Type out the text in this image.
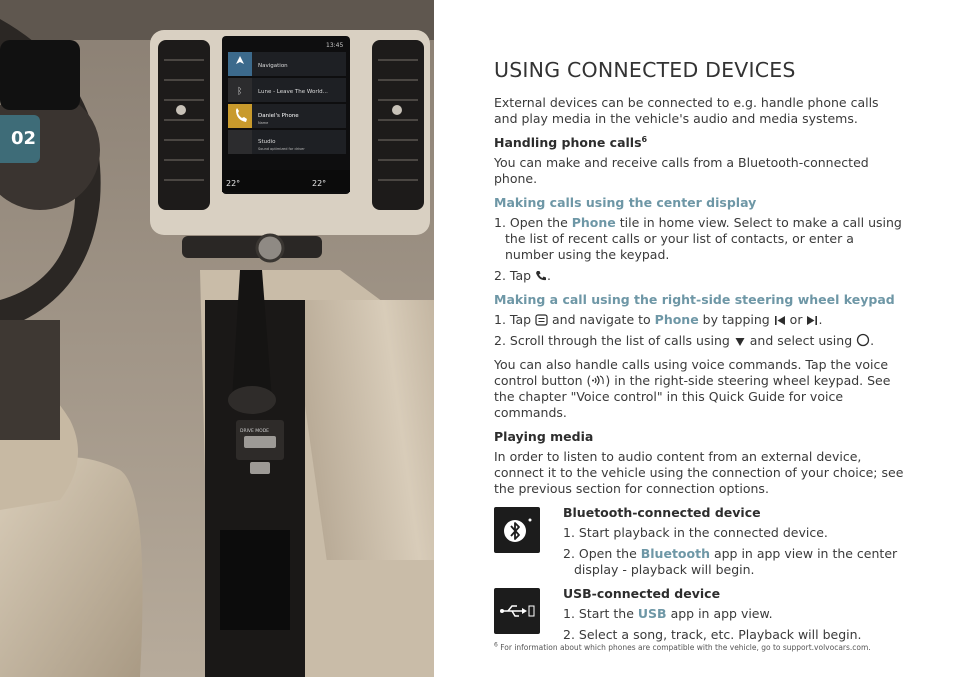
13:45
Navigation
ᛒ	Lune - Leave The World...
Daniel's Phone
Name
Studio
Sound optimized for driver
22°	22°
DRIVE MODE
02
USING CONNECTED DEVICES

External devices can be connected to e.g. handle phone calls and play media in the vehicle's audio and media systems.

Handling phone calls$^6$

You can make and receive calls from a Bluetooth-connected phone.

Making calls using the center display
1. Open the Phone tile in home view. Select to make a call using the list of recent calls or your list of contacts, or enter a number using the keypad.
2. Tap .
Making a call using the right-side steering wheel keypad
1. Tap  and navigate to Phone by tapping  or .
2. Scroll through the list of calls using  and select using .

You can also handle calls using voice commands. Tap the voice control button ( ) in the right-side steering wheel keypad. See the chapter "Voice control" in this Quick Guide for voice commands.

Playing media

In order to listen to audio content from an external device, connect it to the vehicle using the connection of your choice; see the previous section for connection options.

Bluetooth-connected device
1. Start playback in the connected device.
2. Open the Bluetooth app in app view in the center display - playback will begin.
USB-connected device
1. Start the USB app in app view.
2. Select a song, track, etc. Playback will begin.
$^6$ For information about which phones are compatible with the vehicle, go to support.volvocars.com.
